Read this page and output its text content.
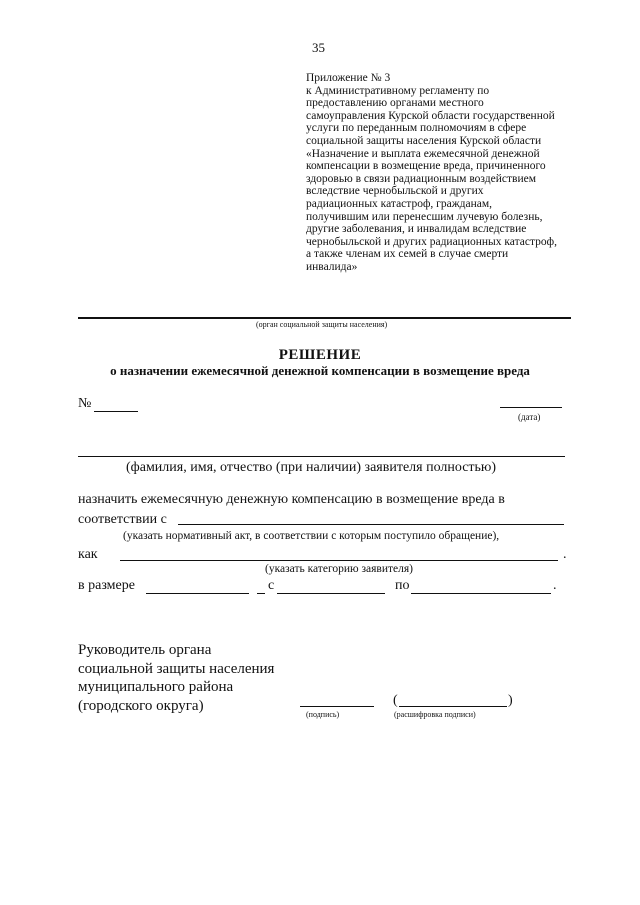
35
Приложение № 3
к Административному регламенту по
предоставлению органами местного
самоуправления Курской области государственной
услуги по переданным полномочиям в сфере
социальной защиты населения Курской области
«Назначение и выплата ежемесячной денежной
компенсации в возмещение вреда, причиненного
здоровью в связи радиационным воздействием
вследствие чернобыльской и других
радиационных катастроф, гражданам,
получившим или перенесшим лучевую болезнь,
другие заболевания, и инвалидам вследствие
чернобыльской и других радиационных катастроф,
а также членам их семей в случае смерти
инвалида»
(орган социальной защиты населения)
РЕШЕНИЕ
о назначении ежемесячной денежной компенсации в возмещение вреда
№
(дата)
(фамилия, имя, отчество (при наличии) заявителя полностью)
назначить ежемесячную денежную компенсацию в возмещение вреда в
соответствии с
(указать нормативный акт, в соответствии с которым поступило обращение),
как	.
(указать категорию заявителя)
в размере	с	по	.
Руководитель органа
социальной защиты населения
муниципального района
(городского округа)
(подпись)
(	)
(расшифровка подписи)
